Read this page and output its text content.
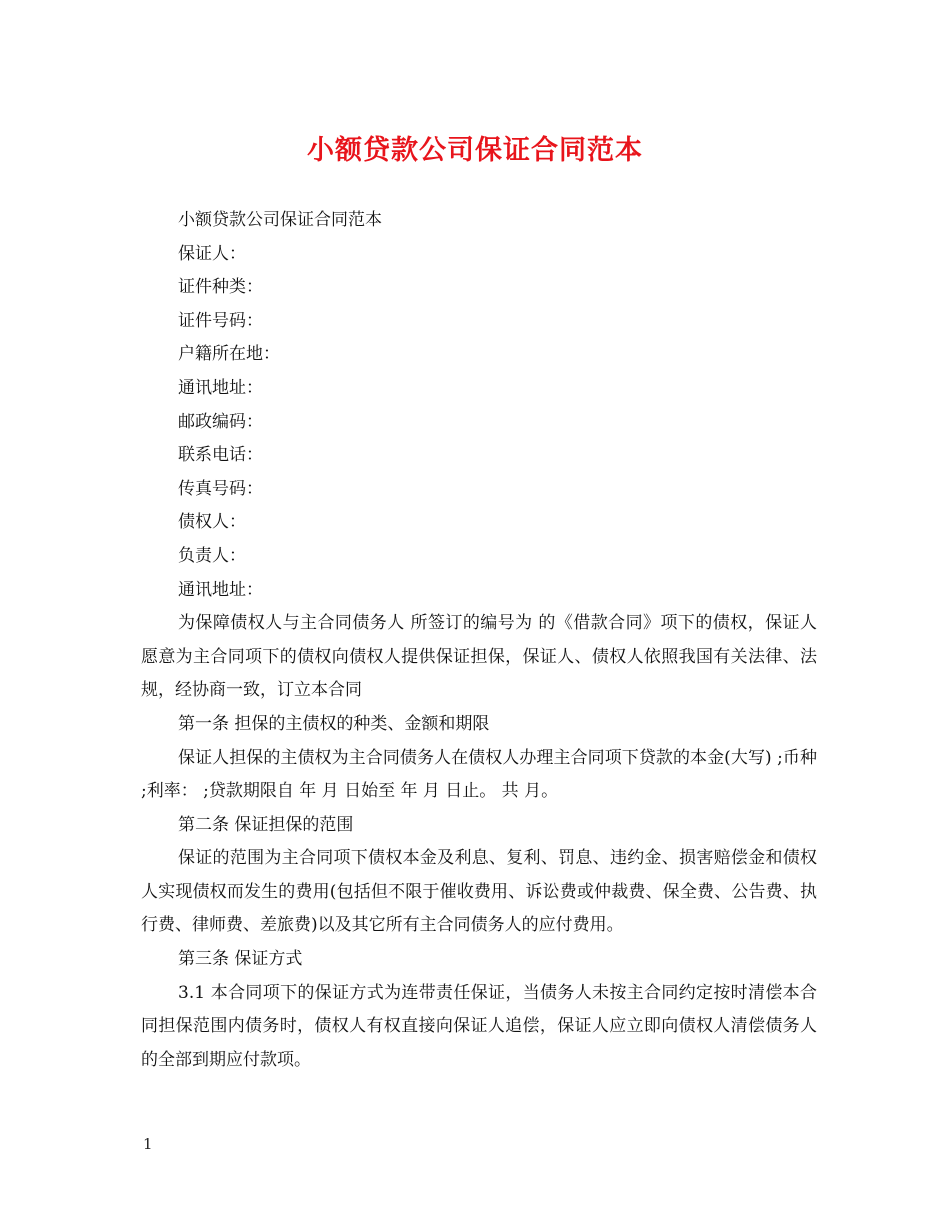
小额贷款公司保证合同范本
小额贷款公司保证合同范本
保证人：
证件种类：
证件号码：
户籍所在地：
通讯地址：
邮政编码：
联系电话：
传真号码：
债权人：
负责人：
通讯地址：
为保障债权人与主合同债务人 所签订的编号为 的《借款合同》项下的债权，保证人愿意为主合同项下的债权向债权人提供保证担保，保证人、债权人依照我国有关法律、法规，经协商一致，订立本合同
第一条 担保的主债权的种类、金额和期限
保证人担保的主债权为主合同债务人在债权人办理主合同项下贷款的本金(大写) ;币种 ;利率： ;贷款期限自 年 月 日始至 年 月 日止。 共 月。
第二条 保证担保的范围
保证的范围为主合同项下债权本金及利息、复利、罚息、违约金、损害赔偿金和债权人实现债权而发生的费用(包括但不限于催收费用、诉讼费或仲裁费、保全费、公告费、执行费、律师费、差旅费)以及其它所有主合同债务人的应付费用。
第三条 保证方式
3.1 本合同项下的保证方式为连带责任保证，当债务人未按主合同约定按时清偿本合同担保范围内债务时，债权人有权直接向保证人追偿，保证人应立即向债权人清偿债务人的全部到期应付款项。
1
